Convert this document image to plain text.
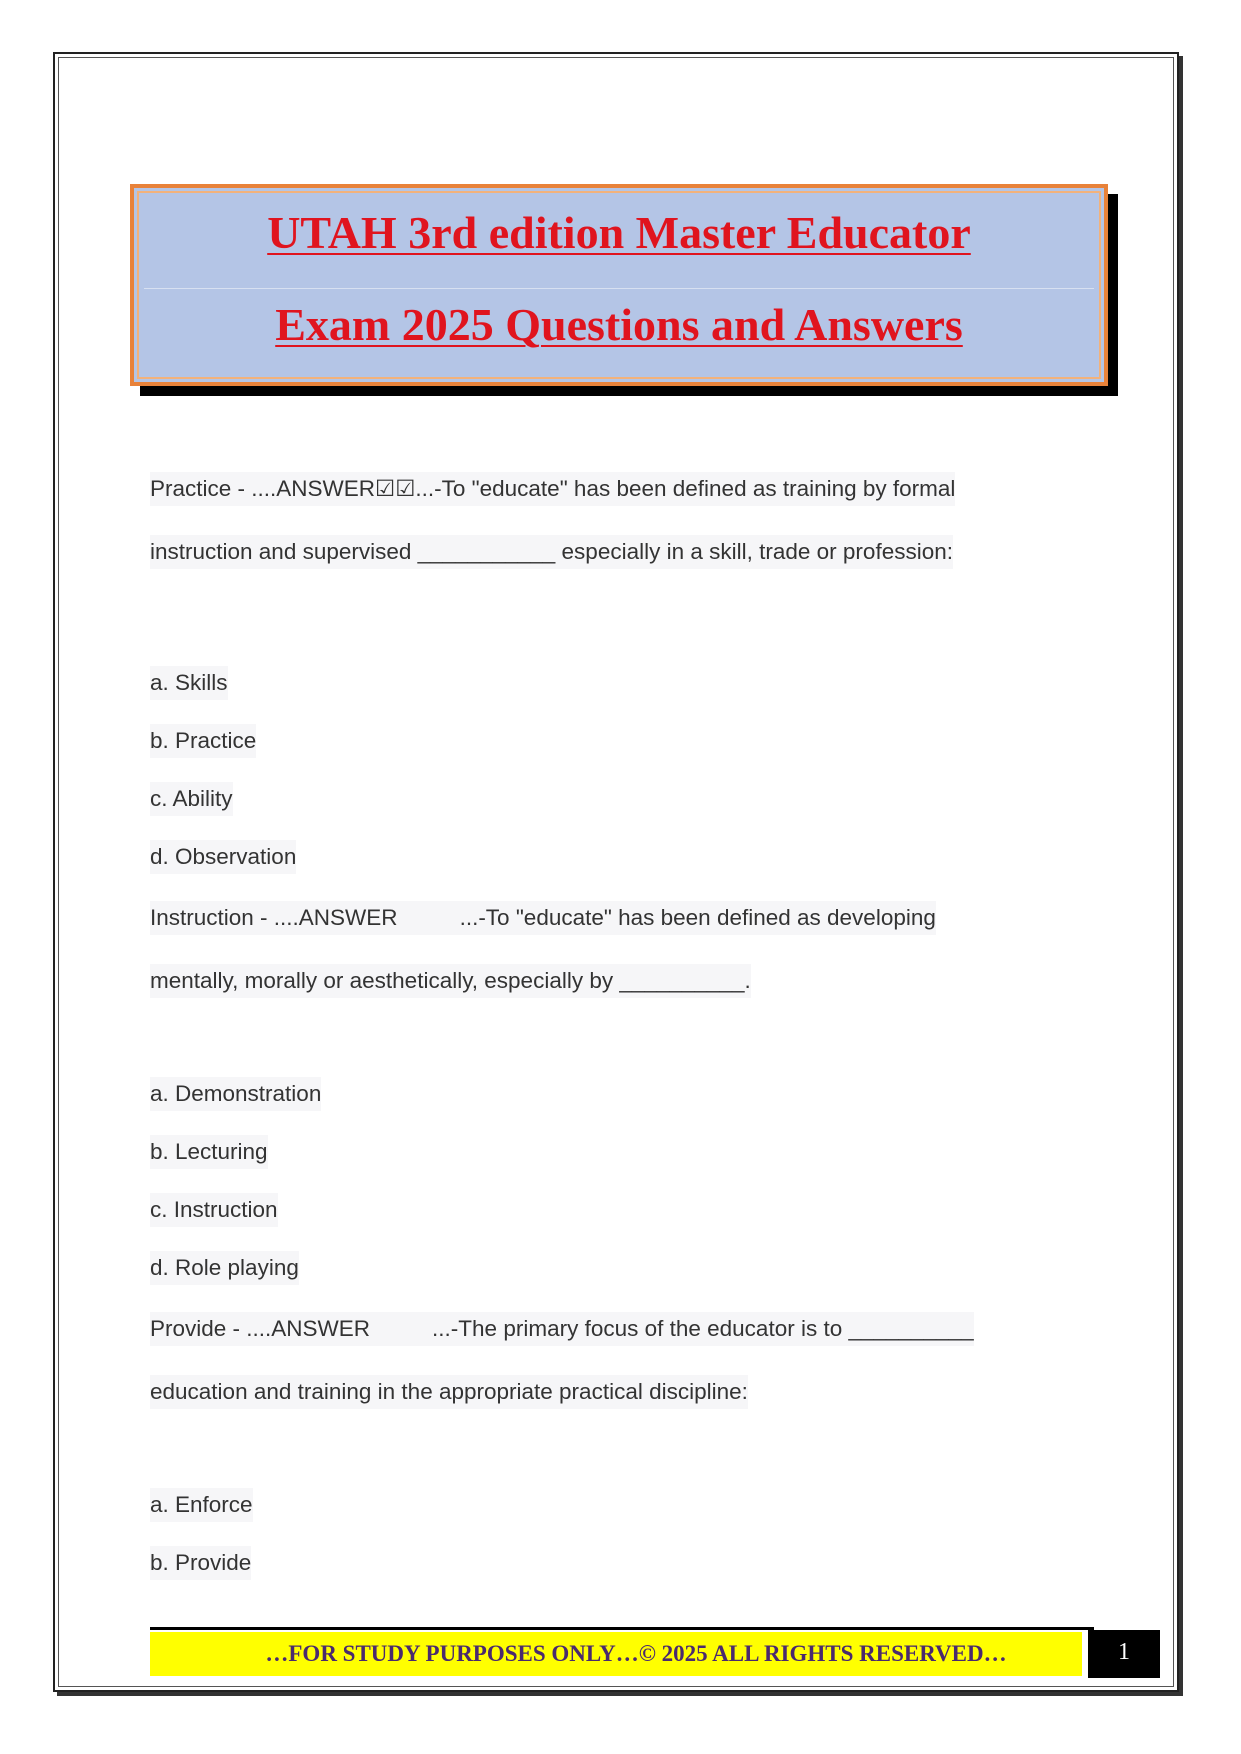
UTAH 3rd edition Master Educator
Exam 2025 Questions and Answers
Practice - ....ANSWER☑☑...-To "educate" has been defined as training by formal
instruction and supervised ___________ especially in a skill, trade or profession:
a. Skills
b. Practice
c. Ability
d. Observation
Instruction - ....ANSWER	...-To "educate" has been defined as developing
mentally, morally or aesthetically, especially by __________.
a. Demonstration
b. Lecturing
c. Instruction
d. Role playing
Provide - ....ANSWER	...-The primary focus of the educator is to __________
education and training in the appropriate practical discipline:
a. Enforce
b. Provide
…FOR STUDY PURPOSES ONLY…© 2025 ALL RIGHTS RESERVED…	1
